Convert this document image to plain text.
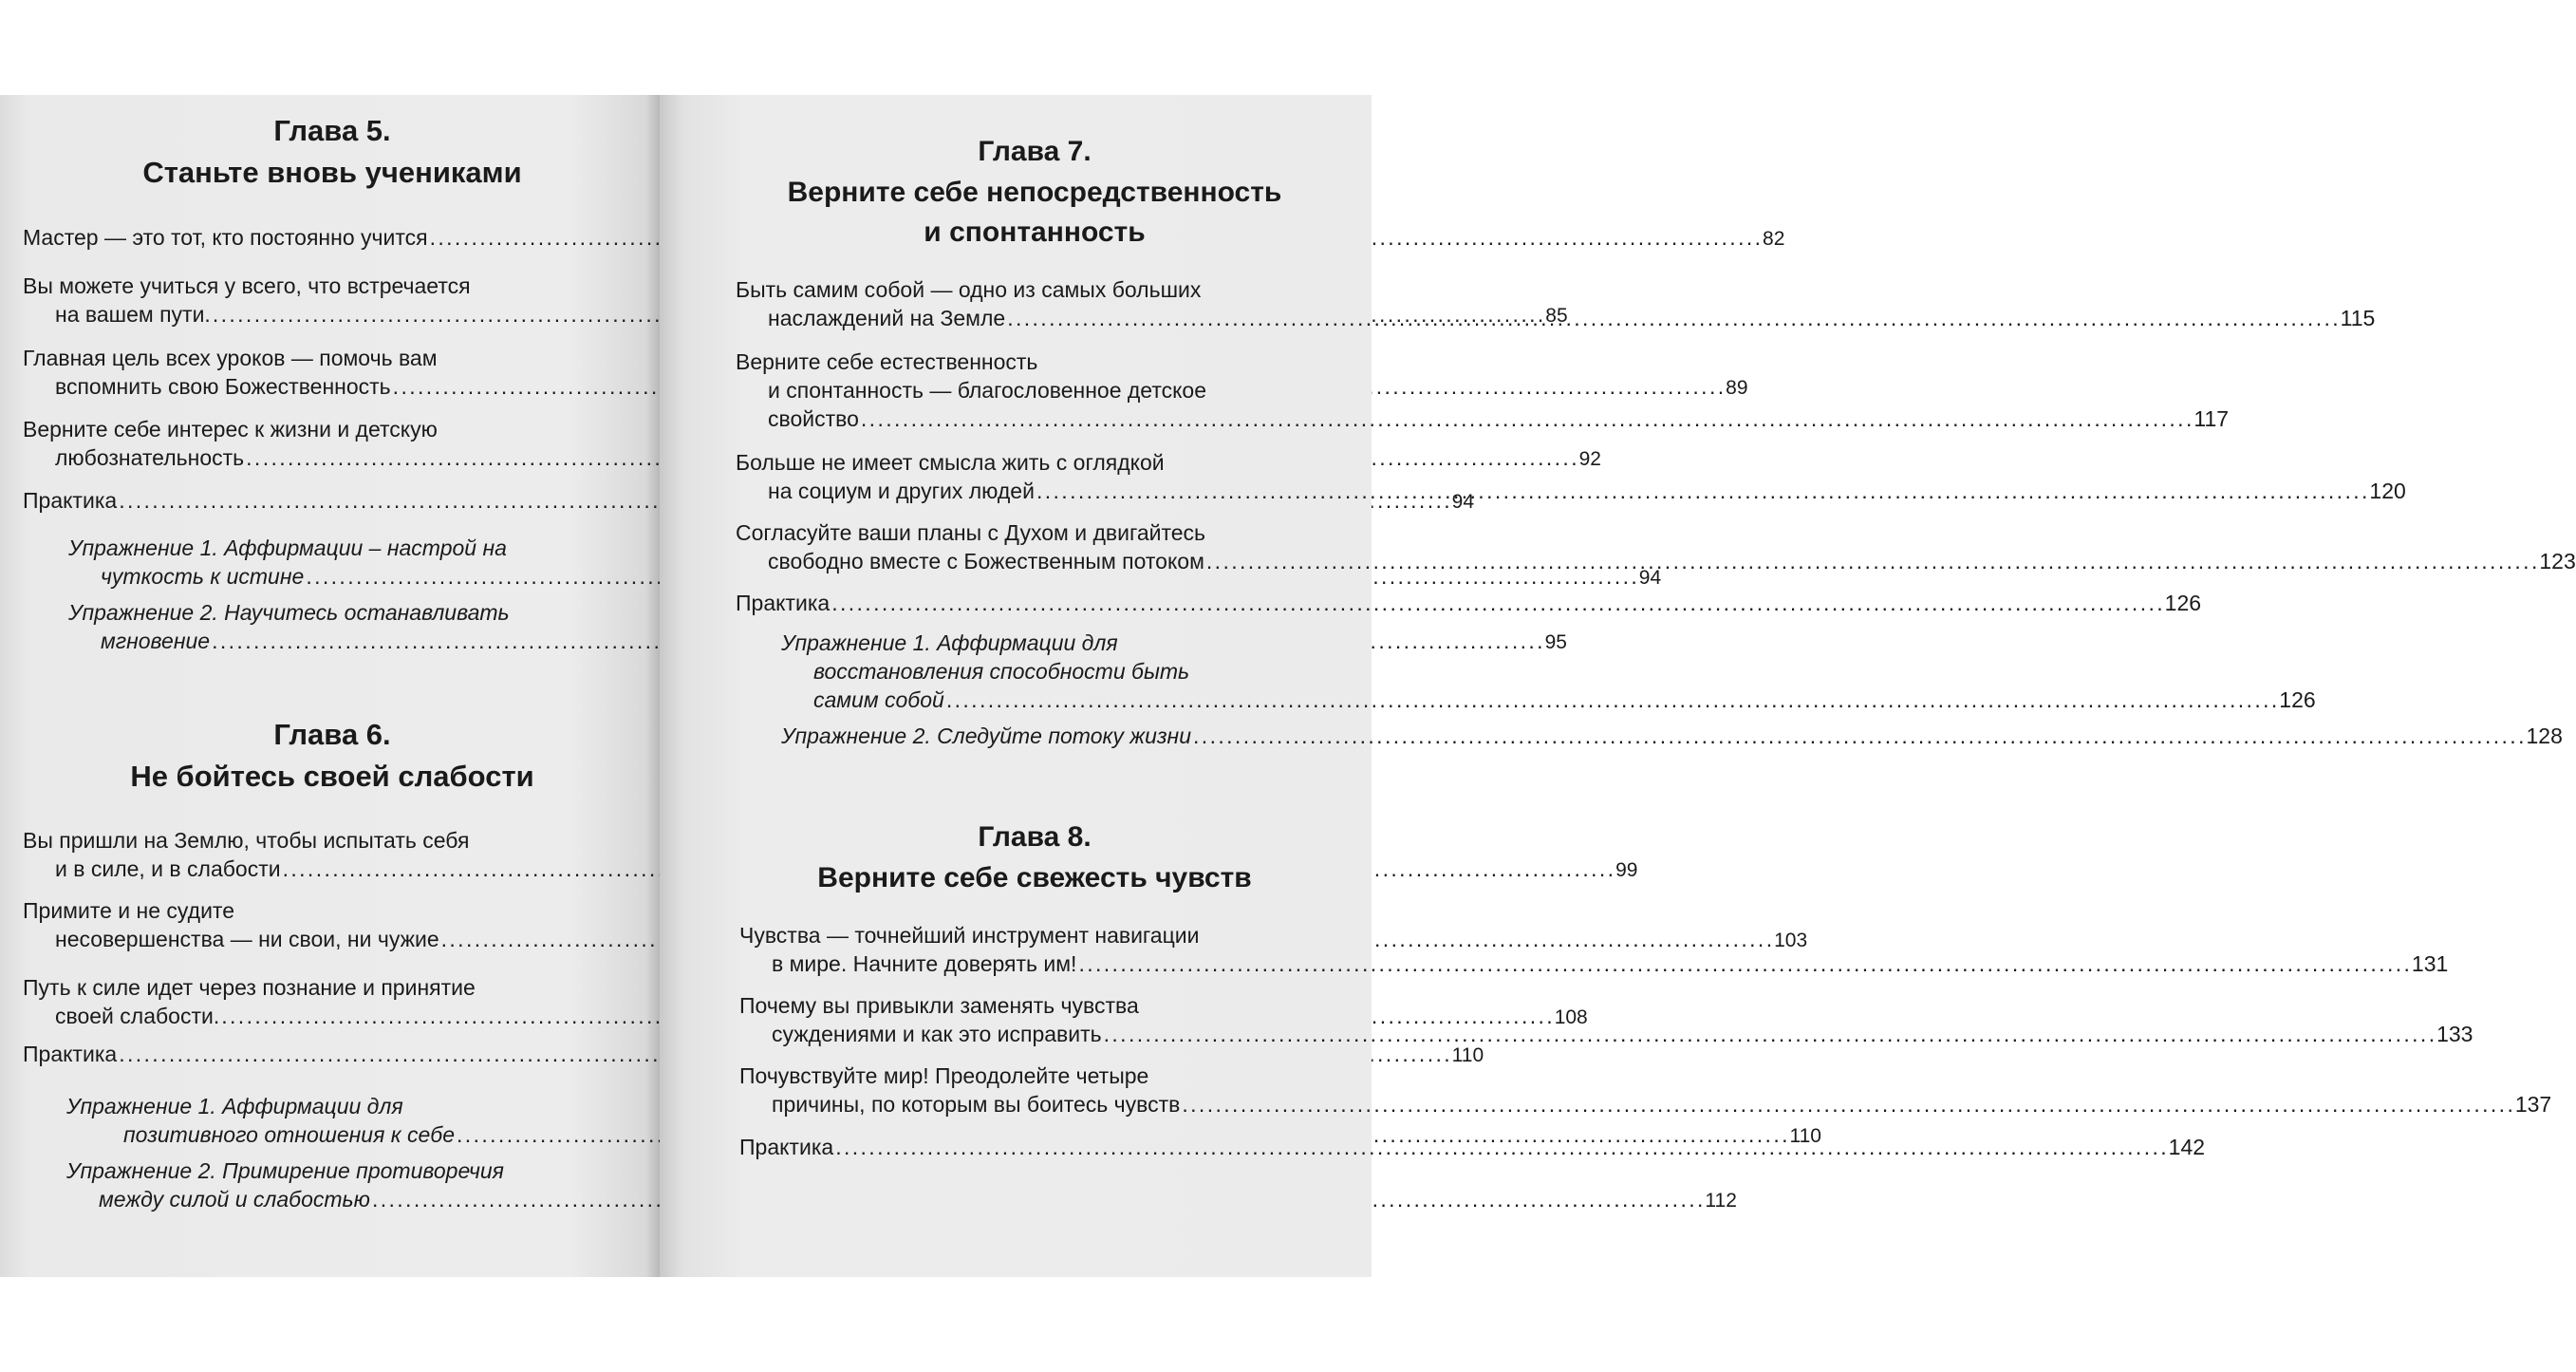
Глава 5.
Станьте вновь учениками
Мастер — это тот, кто постоянно учится . . .	82
Вы можете учиться у всего, что встречается
на вашем пути. . . .	85
Главная цель всех уроков — помочь вам
вспомнить свою Божественность . . .	89
Верните себе интерес к жизни и детскую
любознательность . . .	92
Практика . . .	94
Упражнение 1. Аффирмации – настрой на
чуткость к истине . . .	94
Упражнение 2. Научитесь останавливать
мгновение . . .	95
Глава 6.
Не бойтесь своей слабости
Вы пришли на Землю, чтобы испытать себя
и в силе, и в слабости . . .	99
Примите и не судите
несовершенства — ни свои, ни чужие . . .	103
Путь к силе идет через познание и принятие
своей слабости. . . .	108
Практика . . .	110
Упражнение 1. Аффирмации для
позитивного отношения к себе . . .	110
Упражнение 2. Примирение противоречия
между силой и слабостью . . .	112
Глава 7.
Верните себе непосредственность
и спонтанность
Быть самим собой — одно из самых больших
наслаждений на Земле . . .	115
Верните себе естественность
и спонтанность — благословенное детское
свойство . . .	117
Больше не имеет смысла жить с оглядкой
на социум и других людей . . .	120
Согласуйте ваши планы с Духом и двигайтесь
свободно вместе с Божественным потоком . . .	123
Практика . . .	126
Упражнение 1. Аффирмации для
восстановления способности быть
самим собой . . .	126
Упражнение 2. Следуйте потоку жизни . . .	128
Глава 8.
Верните себе свежесть чувств
Чувства — точнейший инструмент навигации
в мире. Начните доверять им! . . .	131
Почему вы привыкли заменять чувства
суждениями и как это исправить . . .	133
Почувствуйте мир! Преодолейте четыре
причины, по которым вы боитесь чувств . . .	137
Практика . . .	142
